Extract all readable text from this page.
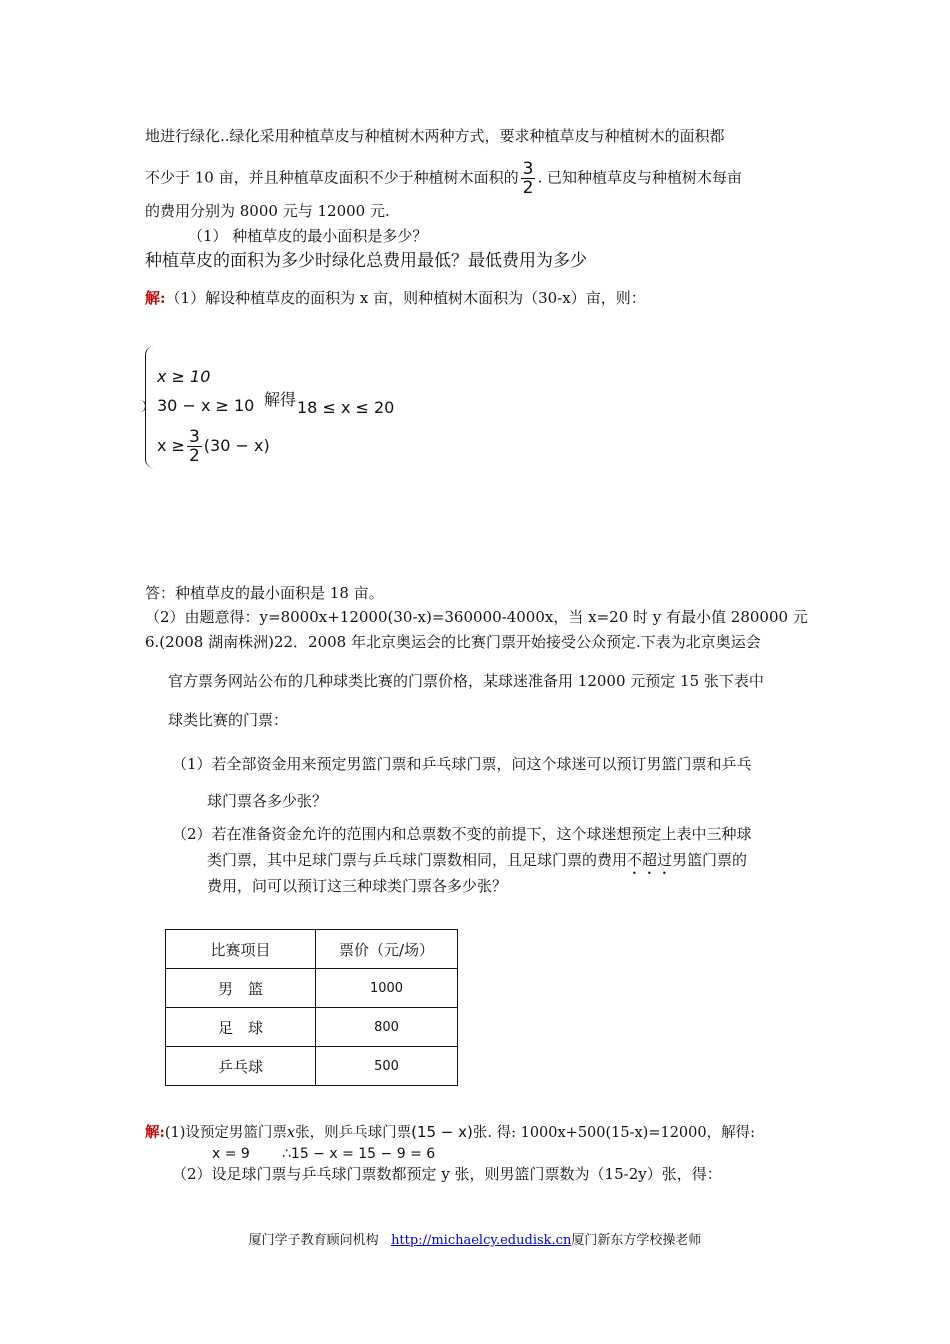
地进行绿化..绿化采用种植草皮与种植树木两种方式，要求种植草皮与种植树木的面积都
不少于 10 亩，并且种植草皮面积不少于种植树木面积的 $\frac{3}{2}$ . 已知种植草皮与种植树木每亩
的费用分别为 8000 元与 12000 元.
（1） 种植草皮的最小面积是多少？
种植草皮的面积为多少时绿化总费用最低？最低费用为多少
解:（1）解设种植草皮的面积为 x 亩，则种植树木面积为（30-x）亩，则：
x ≥ 10
30 − x ≥ 10 解得 18 ≤ x ≤ 20
$x \ge \frac{3}{2} (30 - x)$
答：种植草皮的最小面积是 18 亩。
（2）由题意得：y=8000x+12000(30-x)=360000-4000x，当 x=20 时 y 有最小值 280000 元
6.(2008 湖南株洲)22．2008 年北京奥运会的比赛门票开始接受公众预定.下表为北京奥运会
官方票务网站公布的几种球类比赛的门票价格，某球迷准备用 12000 元预定 15 张下表中
球类比赛的门票：
（1）若全部资金用来预定男篮门票和乒乓球门票，问这个球迷可以预订男篮门票和乒乓
球门票各多少张？
（2）若在准备资金允许的范围内和总票数不变的前提下，这个球迷想预定上表中三种球
类门票，其中足球门票与乒乓球门票数相同，且足球门票的费用不超过男篮门票的
费用，问可以预订这三种球类门票各多少张？
比赛项目	票价（元/场）
男　篮	1000
足　球	800
乒乓球	500
解:(1)设预定男篮门票x张，则乒乓球门票(15 − x)张. 得: 1000x+500(15-x)=12000，解得:
x = 9 ∴15 − x = 15 − 9 = 6
（2）设足球门票与乒乓球门票数都预定 y 张，则男篮门票数为（15-2y）张，得：
厦门学子教育顾问机构 http://michaelcy.edudisk.cn厦门新东方学校操老师
